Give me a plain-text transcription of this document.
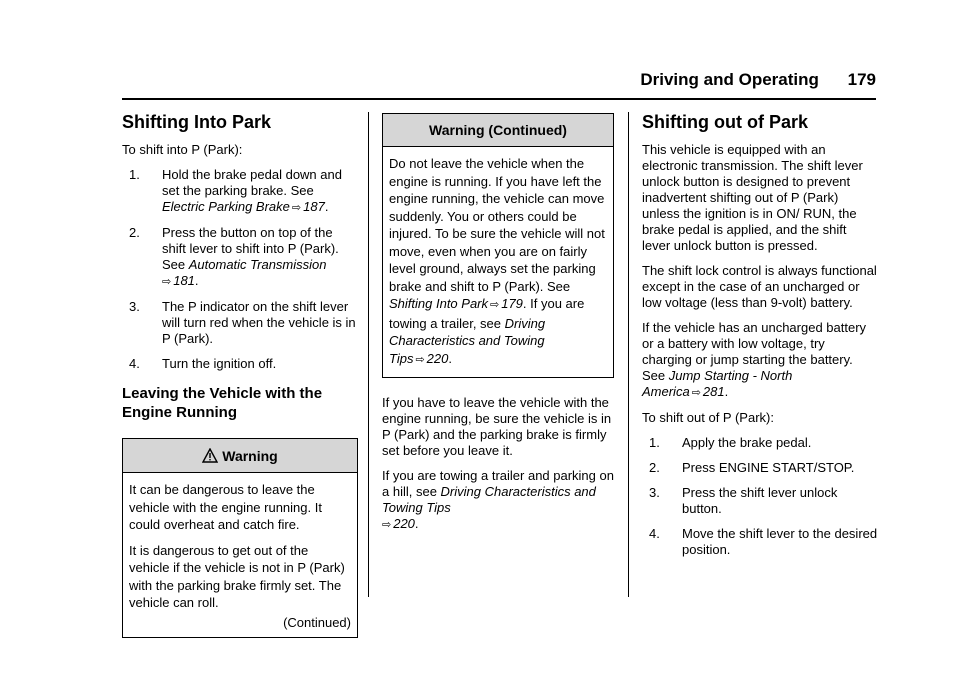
Driving and Operating 179
Shifting Into Park

To shift into P (Park):

1. Hold the brake pedal down and set the parking brake. See Electric Parking Brake ⇨ 187.
2. Press the button on top of the shift lever to shift into P (Park). See Automatic Transmission
⇨ 181.
3. The P indicator on the shift lever will turn red when the vehicle is in P (Park).
4. Turn the ignition off.
Leaving the Vehicle with the
Engine Running
Warning

It can be dangerous to leave the vehicle with the engine running. It could overheat and catch fire.

It is dangerous to get out of the vehicle if the vehicle is not in P (Park) with the parking brake firmly set. The vehicle can roll.

(Continued)
Warning (Continued)
Do not leave the vehicle when the engine is running. If you have left the engine running, the vehicle can move suddenly. You or others could be injured. To be sure the vehicle will not move, even when you are on fairly level ground, always set the parking brake and shift to P (Park). See Shifting Into Park ⇨ 179. If you are towing a trailer, see Driving Characteristics and Towing Tips ⇨ 220.

If you have to leave the vehicle with the engine running, be sure the vehicle is in P (Park) and the parking brake is firmly set before you leave it.

If you are towing a trailer and parking on a hill, see Driving Characteristics and Towing Tips
⇨ 220.

Shifting out of Park

This vehicle is equipped with an electronic transmission. The shift lever unlock button is designed to prevent inadvertent shifting out of P (Park) unless the ignition is in ON/ RUN, the brake pedal is applied, and the shift lever unlock button is pressed.

The shift lock control is always functional except in the case of an uncharged or low voltage (less than 9-volt) battery.

If the vehicle has an uncharged battery or a battery with low voltage, try charging or jump starting the battery. See Jump Starting - North America ⇨ 281.

To shift out of P (Park):

1. Apply the brake pedal.
2. Press ENGINE START/STOP.
3. Press the shift lever unlock button.
4. Move the shift lever to the desired position.
